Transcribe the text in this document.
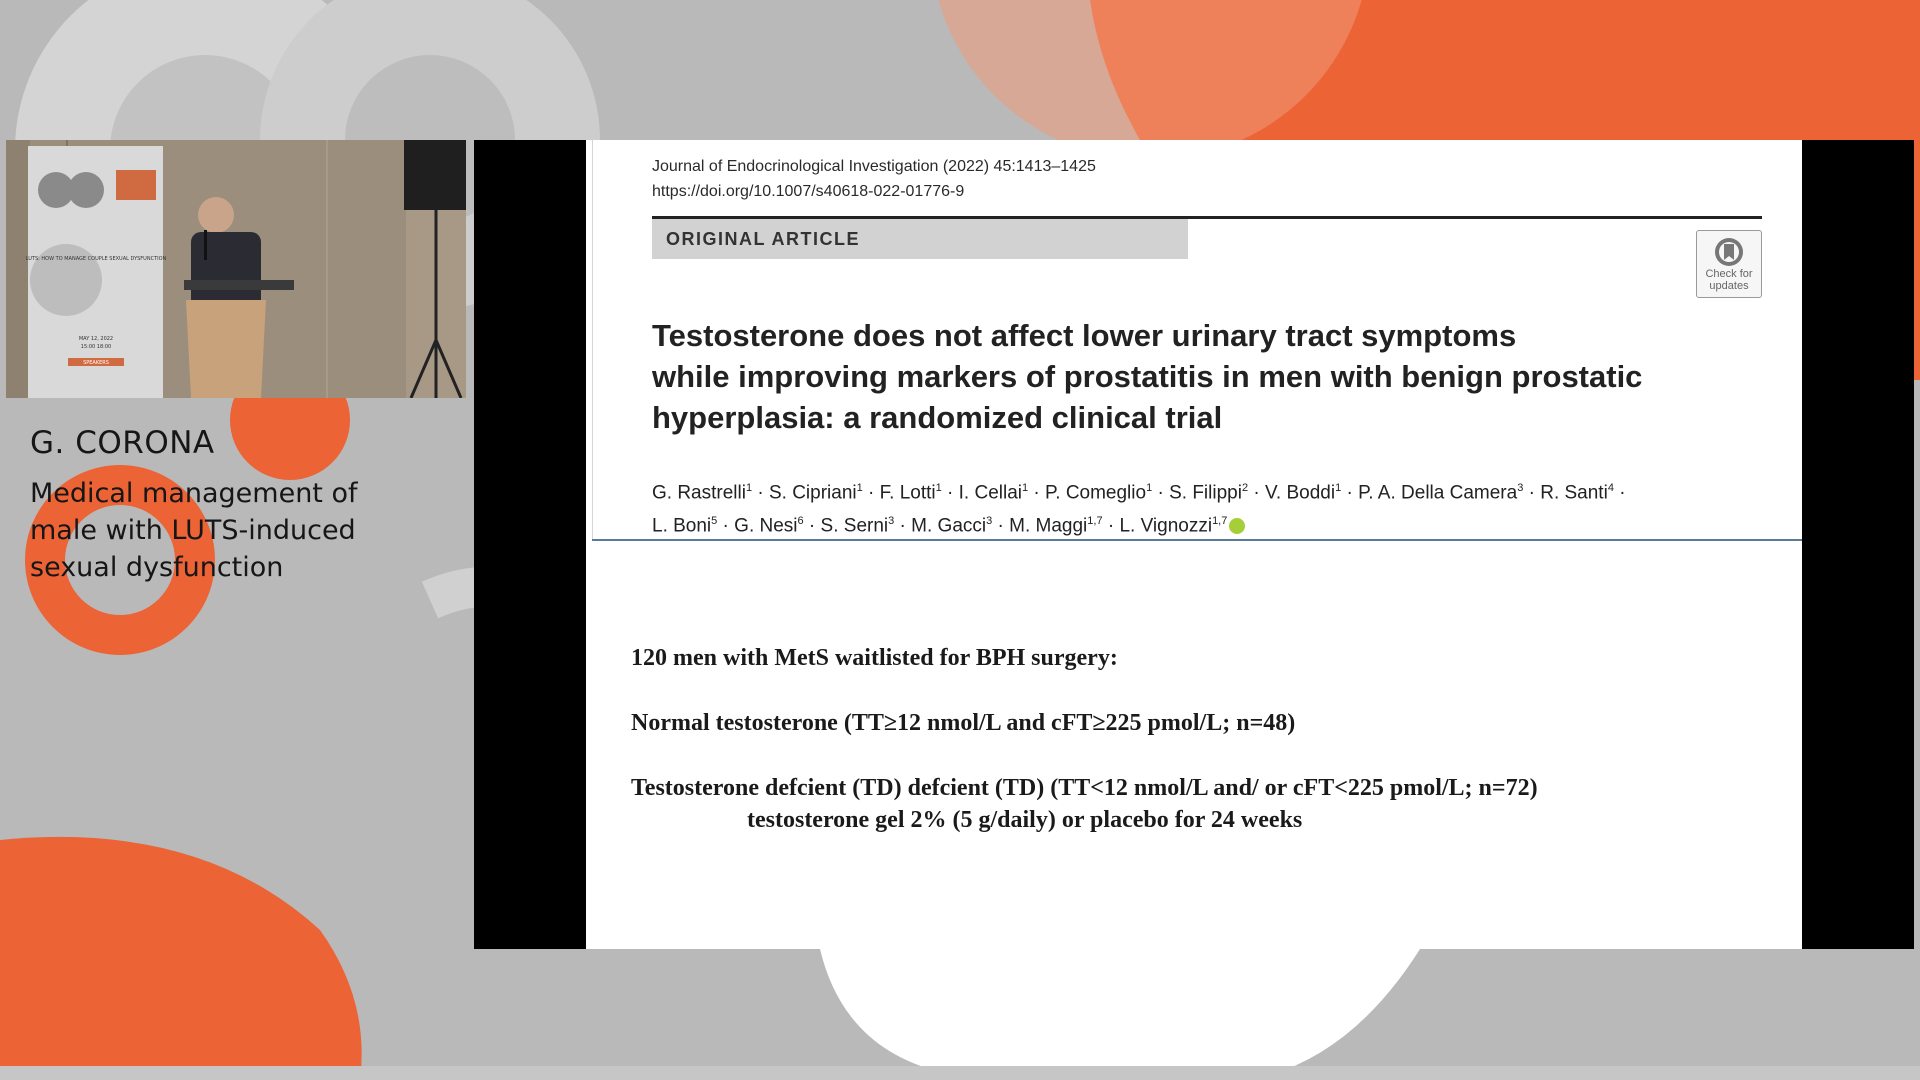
LUTS: HOW TO MANAGE COUPLE SEXUAL DYSFUNCTION
MAY 12, 2022
15:00 18:00
SPEAKERS
G. CORONA
Medical management of male with LUTS-induced sexual dysfunction
Journal of Endocrinological Investigation (2022) 45:1413–1425
https://doi.org/10.1007/s40618-022-01776-9
ORIGINAL ARTICLE
Check for
updates
Testosterone does not affect lower urinary tract symptoms
while improving markers of prostatitis in men with benign prostatic
hyperplasia: a randomized clinical trial
G. Rastrelli$^1$ · S. Cipriani$^1$ · F. Lotti$^1$ · I. Cellai$^1$ · P. Comeglio$^1$ · S. Filippi$^2$ · V. Boddi$^1$ · P. A. Della Camera$^3$ · R. Santi$^4$ ·
L. Boni$^5$ · G. Nesi$^6$ · S. Serni$^3$ · M. Gacci$^3$ · M. Maggi$^{1,7}$ · L. Vignozzi$^{1,7}$
120 men with MetS waitlisted for BPH surgery:
Normal testosterone (TT≥12 nmol/L and cFT≥225 pmol/L; n=48)
Testosterone defcient (TD) defcient (TD) (TT<12 nmol/L and/ or cFT<225 pmol/L; n=72)
testosterone gel 2% (5 g/daily) or placebo for 24 weeks
